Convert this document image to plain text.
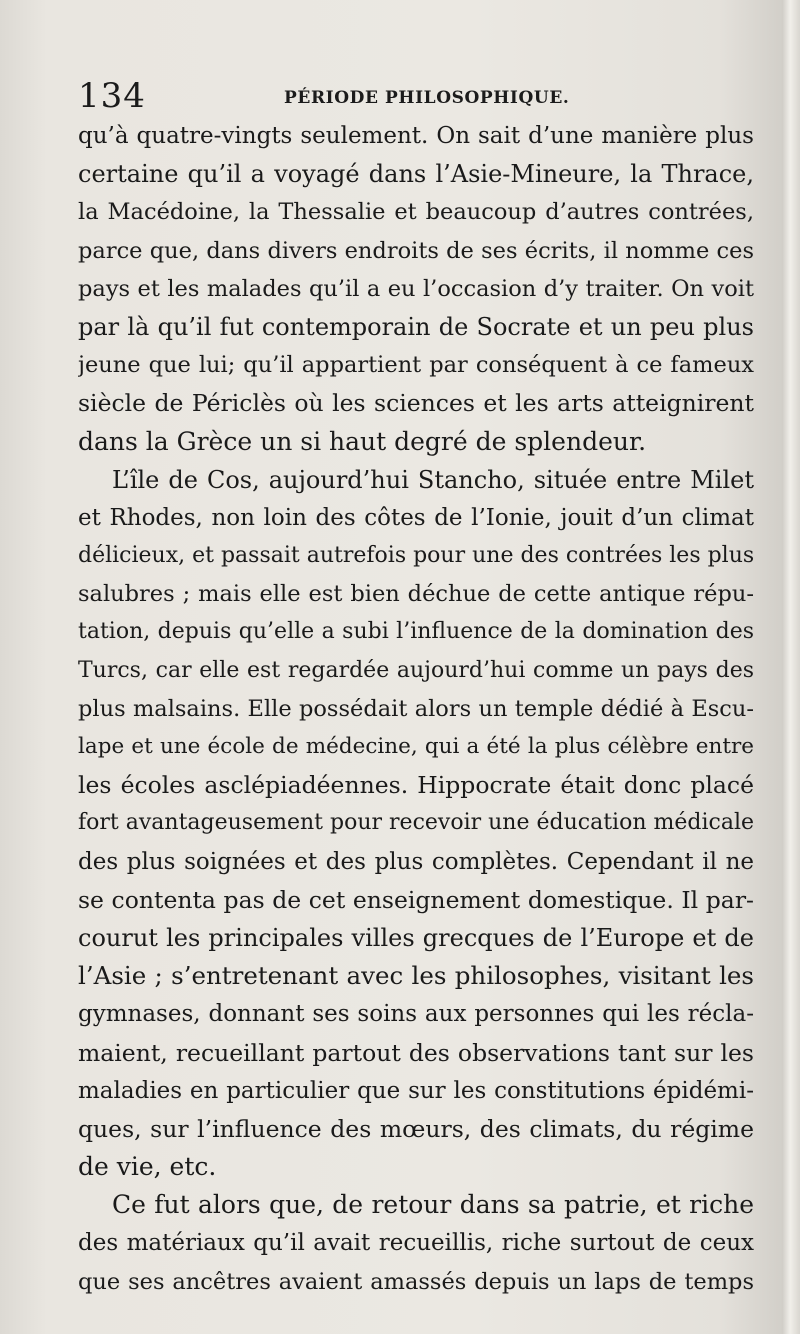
134	PÉRIODE PHILOSOPHIQUE.
qu’à quatre-vingts seulement. On sait d’une manière plus
certaine qu’il a voyagé dans l’Asie-Mineure, la Thrace,
la Macédoine, la Thessalie et beaucoup d’autres contrées,
parce que, dans divers endroits de ses écrits, il nomme ces
pays et les malades qu’il a eu l’occasion d’y traiter. On voit
par là qu’il fut contemporain de Socrate et un peu plus
jeune que lui; qu’il appartient par conséquent à ce fameux
siècle de Périclès où les sciences et les arts atteignirent
dans la Grèce un si haut degré de splendeur.
L’île de Cos, aujourd’hui Stancho, située entre Milet
et Rhodes, non loin des côtes de l’Ionie, jouit d’un climat
délicieux, et passait autrefois pour une des contrées les plus
salubres ; mais elle est bien déchue de cette antique répu-
tation, depuis qu’elle a subi l’influence de la domination des
Turcs, car elle est regardée aujourd’hui comme un pays des
plus malsains. Elle possédait alors un temple dédié à Escu-
lape et une école de médecine, qui a été la plus célèbre entre
les écoles asclépiadéennes. Hippocrate était donc placé
fort avantageusement pour recevoir une éducation médicale
des plus soignées et des plus complètes. Cependant il ne
se contenta pas de cet enseignement domestique. Il par-
courut les principales villes grecques de l’Europe et de
l’Asie ; s’entretenant avec les philosophes, visitant les
gymnases, donnant ses soins aux personnes qui les récla-
maient, recueillant partout des observations tant sur les
maladies en particulier que sur les constitutions épidémi-
ques, sur l’influence des mœurs, des climats, du régime
de vie, etc.
Ce fut alors que, de retour dans sa patrie, et riche
des matériaux qu’il avait recueillis, riche surtout de ceux
que ses ancêtres avaient amassés depuis un laps de temps
